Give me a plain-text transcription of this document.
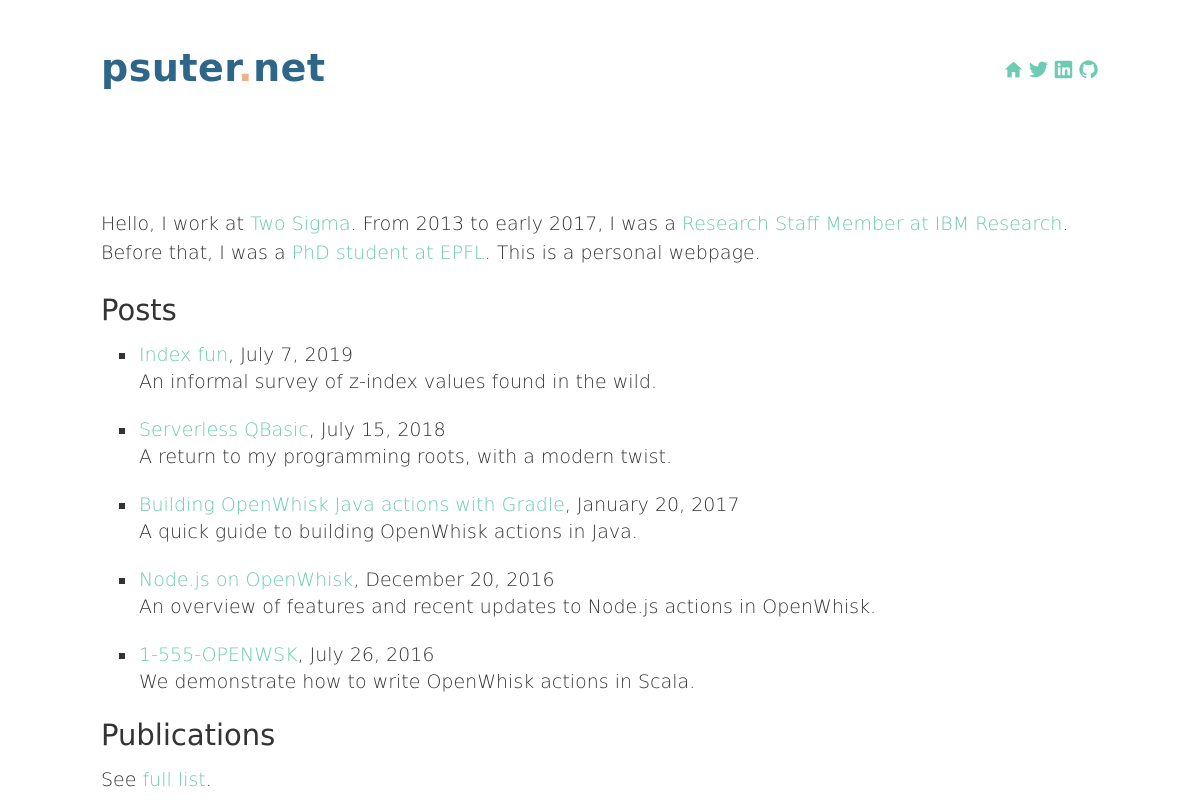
psuter.net

Hello, I work at Two Sigma. From 2013 to early 2017, I was a Research Staff Member at IBM Research. Before that, I was a PhD student at EPFL. This is a personal webpage.

Posts
Index fun, July 7, 2019
An informal survey of z-index values found in the wild.
Serverless QBasic, July 15, 2018
A return to my programming roots, with a modern twist.
Building OpenWhisk Java actions with Gradle, January 20, 2017
A quick guide to building OpenWhisk actions in Java.
Node.js on OpenWhisk, December 20, 2016
An overview of features and recent updates to Node.js actions in OpenWhisk.
1-555-OPENWSK, July 26, 2016
We demonstrate how to write OpenWhisk actions in Scala.
Publications

See full list.
